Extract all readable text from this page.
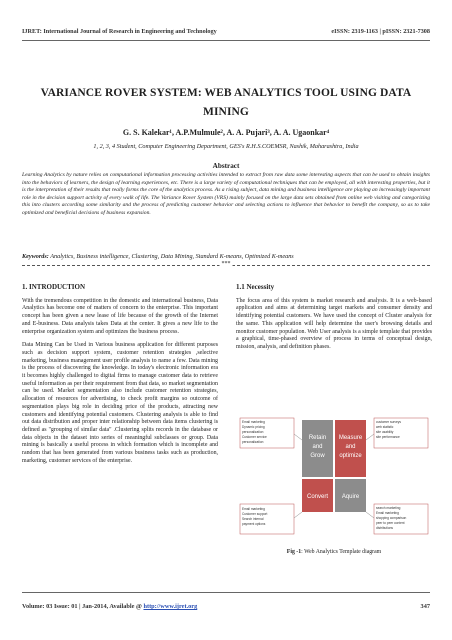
IJRET: International Journal of Research in Engineering and Technology	eISSN: 2319-1163 | pISSN: 2321-7308
VARIANCE ROVER SYSTEM: WEB ANALYTICS TOOL USING DATA
MINING
G. S. Kalekar¹, A.P.Mulmule², A. A. Pujari³, A. A. Ugaonkar⁴
1, 2, 3, 4 Student, Computer Engineering Department, GES's R.H.S.COEMSR, Nashik, Maharashtra, India
Abstract
Learning Analytics by nature relies on computational information processing activities intended to extract from raw data some interesting aspects that can be used to obtain insights into the behaviors of learners, the design of learning experiences, etc. There is a large variety of computational techniques that can be employed, all with interesting properties, but it is the interpretation of their results that really forms the core of the analytics process. As a rising subject, data mining and business intelligence are playing an increasingly important role in the decision support activity of every walk of life. The Variance Rover System (VRS) mainly focused on the large data sets obtained from online web visiting and categorizing this into clusters according some similarity and the process of predicting customer behavior and selecting actions to influence that behavior to benefit the company, so as to take optimized and beneficial decisions of business expansion.
Keywords: Analytics, Business intelligence, Clustering, Data Mining, Standard K-means, Optimized K-means
***
1. INTRODUCTION

With the tremendous competition in the domestic and international business, Data Analytics has become one of matters of concern to the enterprise. This important concept has been given a new lease of life because of the growth of the Internet and E-business. Data analysis takes Data at the center. It gives a new life to the enterprise organization system and optimizes the business process.

Data Mining Can be Used in Various business application for different purposes such as decision support system, customer retention strategies ,selective marketing, business management user profile analysis to name a few. Data mining is the process of discovering the knowledge. In today's electronic information era it becomes highly challenged to digital firms to manage customer data to retrieve useful information as per their requirement from that data, so market segmentation can be used. Market segmentation also include customer retention strategies, allocation of resources for advertising, to check profit margins so outcome of segmentation plays big role in deciding price of the products, attracting new customers and identifying potential customers. Clustering analysis is able to find out data distribution and proper inter relationship between data items clustering is defined as "grouping of similar data" .Clustering splits records in the database or data objects in the dataset into series of meaningful subclasses or group. Data mining is basically a useful process in which formation which is incomplete and random that has been generated from various business tasks such as production, marketing, customer services of the enterprise.

1.1 Necessity

The focus area of this system is market research and analysis. It is a web-based application and aims at determining target markets and consumer density and identifying potential customers. We have used the concept of Cluster analysis for the same. This application will help determine the user's browsing details and monitor customer population. Web User analysis is a simple template that provides a graphical, time-phased overview of process in terms of conceptual design, mission, analysis, and definition phases.

Retain
and
Grow
Measure
and
optimize
Convert Aquire
Email marketing
Dynamic pricing
personalization
Customer service
personalization
customer surveys
web statistic
site usability
site performance
Email marketing
Customer support
Search internal
payment options
search marketing
Email marketing
shopping comparison
peer to peer content
distributions
Fig -1: Web Analytics Template diagram
Volume: 03 Issue: 01 | Jan-2014, Available @ http://www.ijret.org	347
